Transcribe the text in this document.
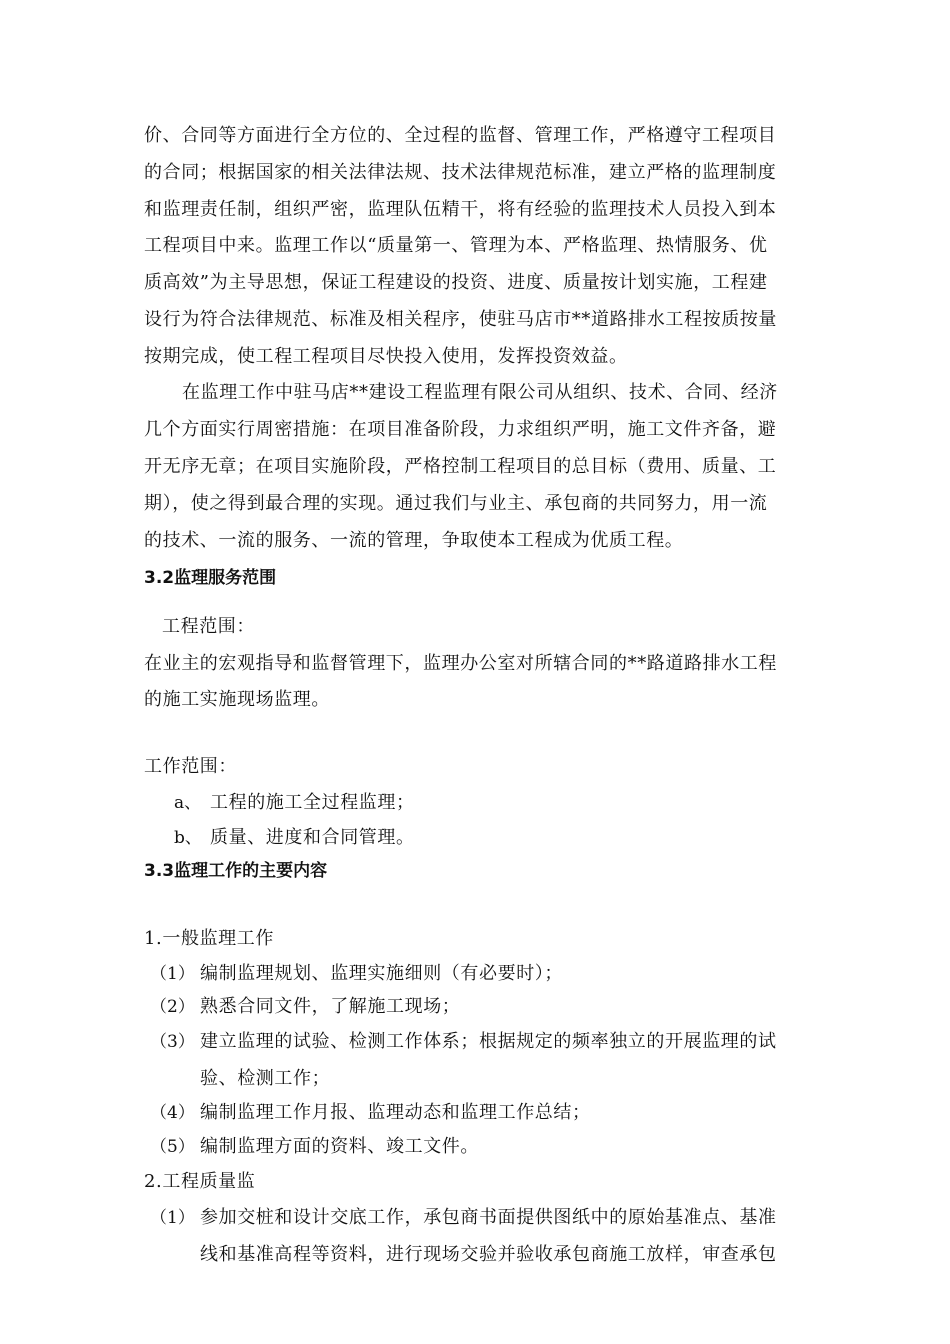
价、合同等方面进行全方位的、全过程的监督、管理工作，严格遵守工程项目
的合同；根据国家的相关法律法规、技术法律规范标准，建立严格的监理制度
和监理责任制，组织严密，监理队伍精干，将有经验的监理技术人员投入到本
工程项目中来。监理工作以“质量第一、管理为本、严格监理、热情服务、优
质高效”为主导思想，保证工程建设的投资、进度、质量按计划实施，工程建
设行为符合法律规范、标准及相关程序，使驻马店市**道路排水工程按质按量
按期完成，使工程工程项目尽快投入使用，发挥投资效益。
在监理工作中驻马店**建设工程监理有限公司从组织、技术、合同、经济
几个方面实行周密措施：在项目准备阶段，力求组织严明，施工文件齐备，避
开无序无章；在项目实施阶段，严格控制工程项目的总目标（费用、质量、工
期），使之得到最合理的实现。通过我们与业主、承包商的共同努力，用一流
的技术、一流的服务、一流的管理，争取使本工程成为优质工程。
3.2监理服务范围
工程范围：
在业主的宏观指导和监督管理下，监理办公室对所辖合同的**路道路排水工程
的施工实施现场监理。
工作范围：
a、 工程的施工全过程监理；
b、 质量、进度和合同管理。
3.3监理工作的主要内容
1.一般监理工作
（1） 编制监理规划、监理实施细则（有必要时）；
（2） 熟悉合同文件，了解施工现场；
（3） 建立监理的试验、检测工作体系；根据规定的频率独立的开展监理的试
验、检测工作；
（4） 编制监理工作月报、监理动态和监理工作总结；
（5） 编制监理方面的资料、竣工文件。
2.工程质量监
（1） 参加交桩和设计交底工作，承包商书面提供图纸中的原始基准点、基准
线和基准高程等资料，进行现场交验并验收承包商施工放样，审查承包
